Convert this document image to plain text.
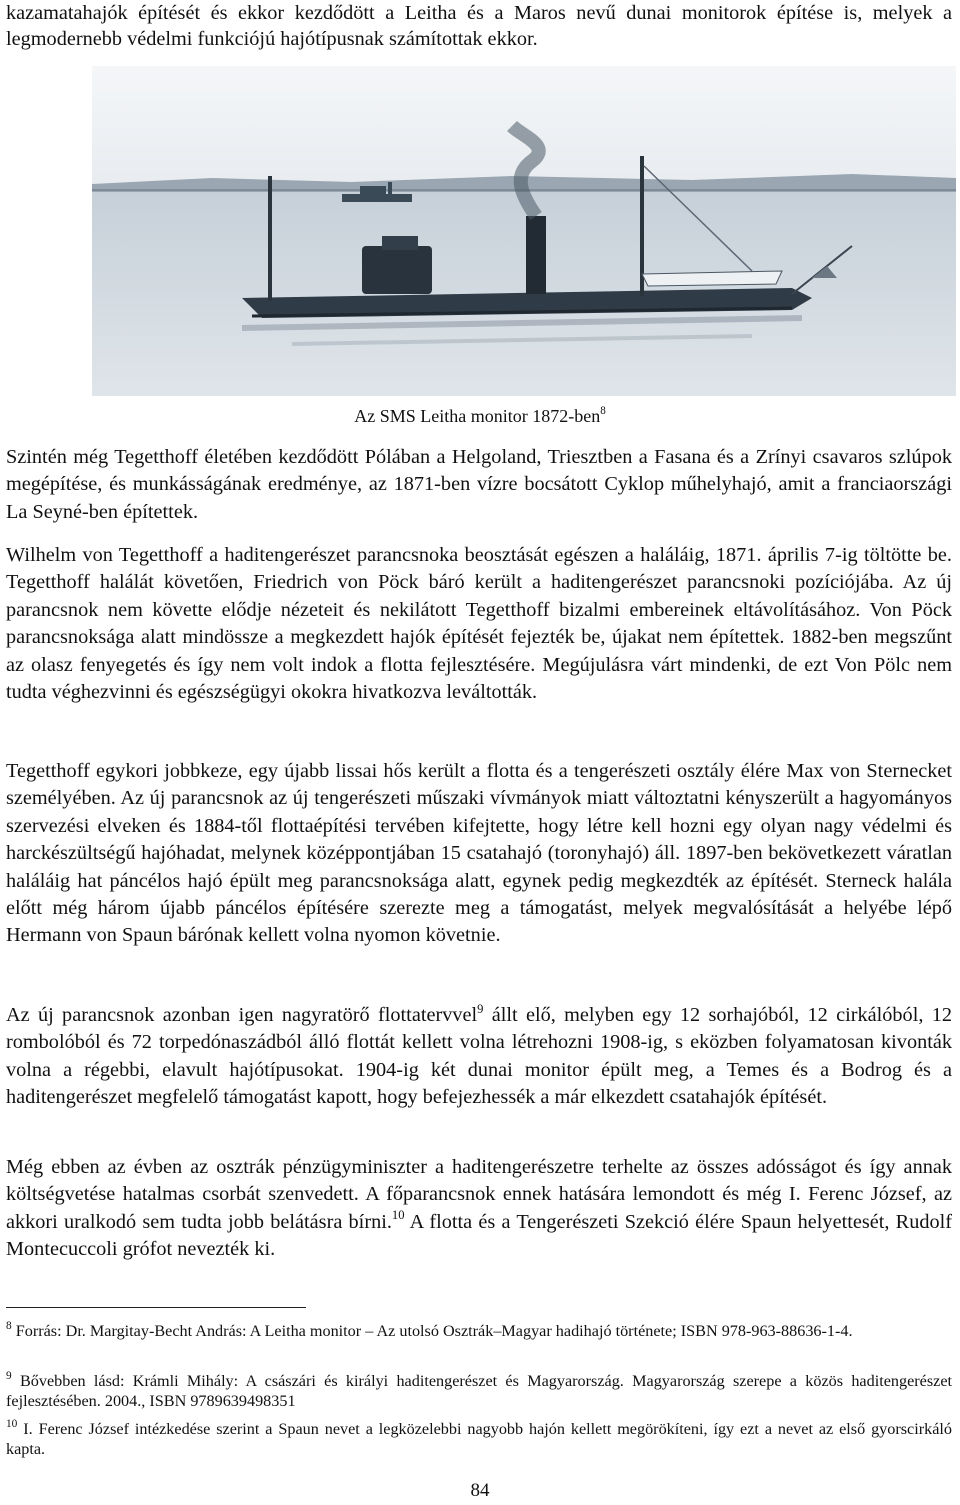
kazamatahajók építését és ekkor kezdődött a Leitha és a Maros nevű dunai monitorok építése is, melyek a legmodernebb védelmi funkciójú hajótípusnak számítottak ekkor.

Az SMS Leitha monitor 1872-ben$^8$

Szintén még Tegetthoff életében kezdődött Pólában a Helgoland, Triesztben a Fasana és a Zrínyi csavaros szlúpok megépítése, és munkásságának eredménye, az 1871-ben vízre bocsátott Cyklop műhelyhajó, amit a franciaországi La Seyné-ben építettek.

Wilhelm von Tegetthoff a haditengerészet parancsnoka beosztását egészen a haláláig, 1871. április 7-ig töltötte be. Tegetthoff halálát követően, Friedrich von Pöck báró került a haditengerészet parancsnoki pozíciójába. Az új parancsnok nem követte elődje nézeteit és nekilátott Tegetthoff bizalmi embereinek eltávolításához. Von Pöck parancsnoksága alatt mindössze a megkezdett hajók építését fejezték be, újakat nem építettek. 1882-ben megszűnt az olasz fenyegetés és így nem volt indok a flotta fejlesztésére. Megújulásra várt mindenki, de ezt Von Pölc nem tudta véghezvinni és egészségügyi okokra hivatkozva leváltották.

Tegetthoff egykori jobbkeze, egy újabb lissai hős került a flotta és a tengerészeti osztály élére Max von Sternecket személyében. Az új parancsnok az új tengerészeti műszaki vívmányok miatt változtatni kényszerült a hagyományos szervezési elveken és 1884-től flottaépítési tervében kifejtette, hogy létre kell hozni egy olyan nagy védelmi és harckészültségű hajóhadat, melynek középpontjában 15 csatahajó (toronyhajó) áll. 1897-ben bekövetkezett váratlan haláláig hat páncélos hajó épült meg parancsnoksága alatt, egynek pedig megkezdték az építését. Sterneck halála előtt még három újabb páncélos építésére szerezte meg a támogatást, melyek megvalósítását a helyébe lépő Hermann von Spaun bárónak kellett volna nyomon követnie.

Az új parancsnok azonban igen nagyratörő flottatervvel$^9$ állt elő, melyben egy 12 sorhajóból, 12 cirkálóból, 12 rombolóból és 72 torpedónaszádból álló flottát kellett volna létrehozni 1908-ig, s eközben folyamatosan kivonták volna a régebbi, elavult hajótípusokat. 1904-ig két dunai monitor épült meg, a Temes és a Bodrog és a haditengerészet megfelelő támogatást kapott, hogy befejezhessék a már elkezdett csatahajók építését.

Még ebben az évben az osztrák pénzügyminiszter a haditengerészetre terhelte az összes adósságot és így annak költségvetése hatalmas csorbát szenvedett. A főparancsnok ennek hatására lemondott és még I. Ferenc József, az akkori uralkodó sem tudta jobb belátásra bírni.$^{10}$ A flotta és a Tengerészeti Szekció élére Spaun helyettesét, Rudolf Montecuccoli grófot nevezték ki.

$^8$ Forrás: Dr. Margitay-Becht András: A Leitha monitor – Az utolsó Osztrák–Magyar hadihajó története; ISBN 978-963-88636-1-4.
$^9$ Bővebben lásd: Krámli Mihály: A császári és királyi haditengerészet és Magyarország. Magyarország szerepe a közös haditengerészet fejlesztésében. 2004., ISBN 9789639498351
$^{10}$ I. Ferenc József intézkedése szerint a Spaun nevet a legközelebbi nagyobb hajón kellett megörökíteni, így ezt a nevet az első gyorscirkáló kapta.
84
